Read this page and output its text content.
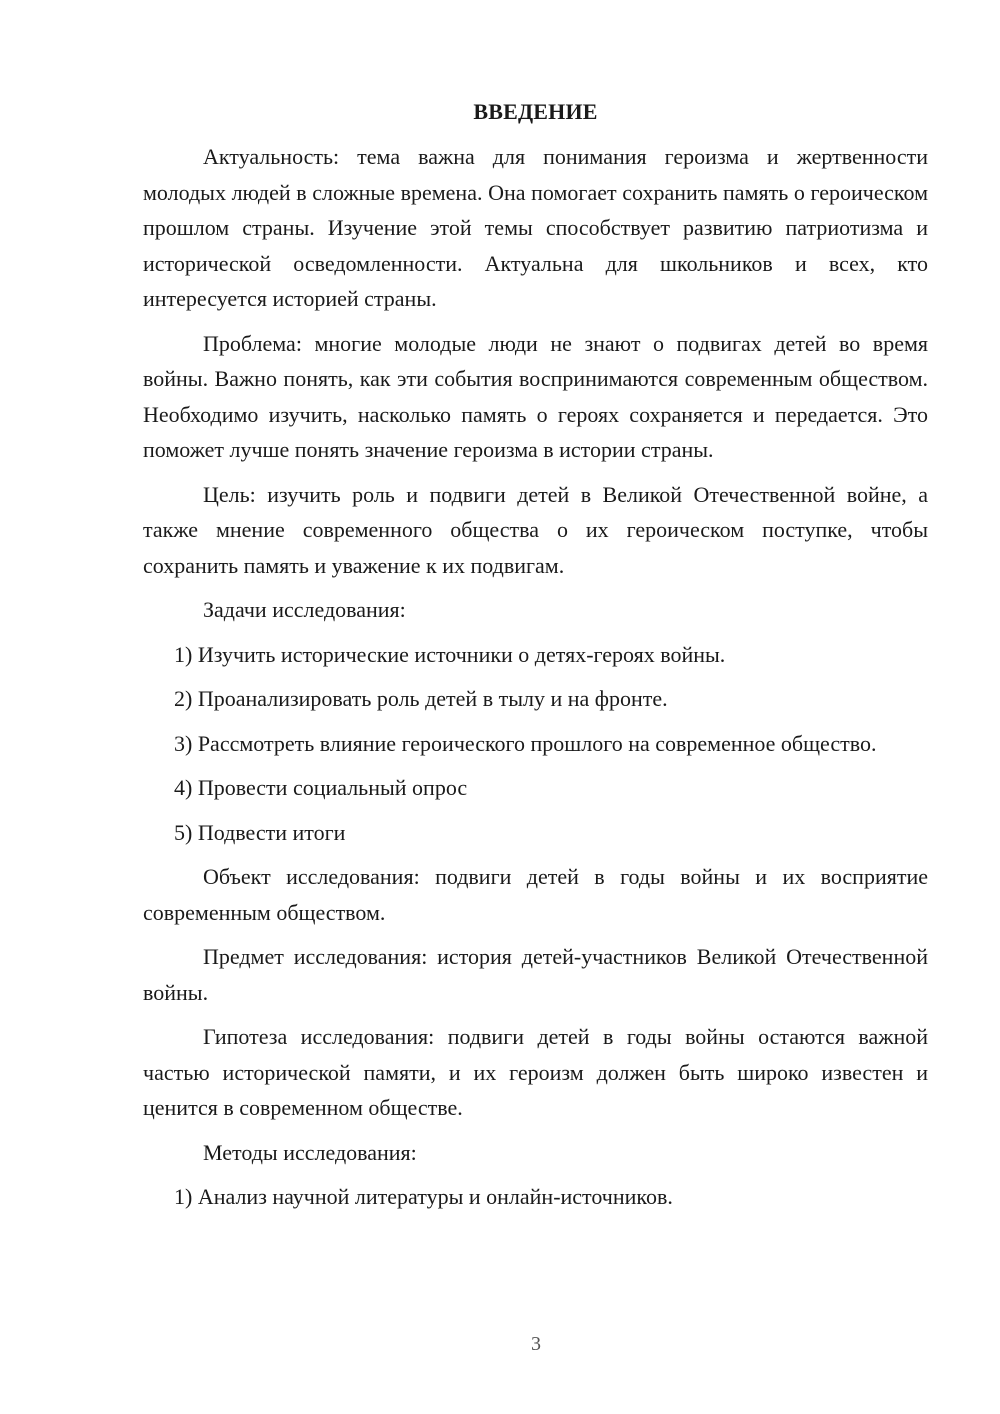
ВВЕДЕНИЕ

Актуальность: тема важна для понимания героизма и жертвенности молодых людей в сложные времена. Она помогает сохранить память о героическом прошлом страны. Изучение этой темы способствует развитию патриотизма и исторической осведомленности. Актуальна для школьников и всех, кто интересуется историей страны.

Проблема: многие молодые люди не знают о подвигах детей во время войны. Важно понять, как эти события воспринимаются современным обществом. Необходимо изучить, насколько память о героях сохраняется и передается. Это поможет лучше понять значение героизма в истории страны.

Цель: изучить роль и подвиги детей в Великой Отечественной войне, а также мнение современного общества о их героическом поступке, чтобы сохранить память и уважение к их подвигам.

Задачи исследования:

1) Изучить исторические источники о детях-героях войны.

2) Проанализировать роль детей в тылу и на фронте.

3) Рассмотреть влияние героического прошлого на современное общество.

4) Провести социальный опрос

5) Подвести итоги

Объект исследования: подвиги детей в годы войны и их восприятие современным обществом.

Предмет исследования: история детей-участников Великой Отечественной войны.

Гипотеза исследования: подвиги детей в годы войны остаются важной частью исторической памяти, и их героизм должен быть широко известен и ценится в современном обществе.

Методы исследования:

1) Анализ научной литературы и онлайн-источников.

3
